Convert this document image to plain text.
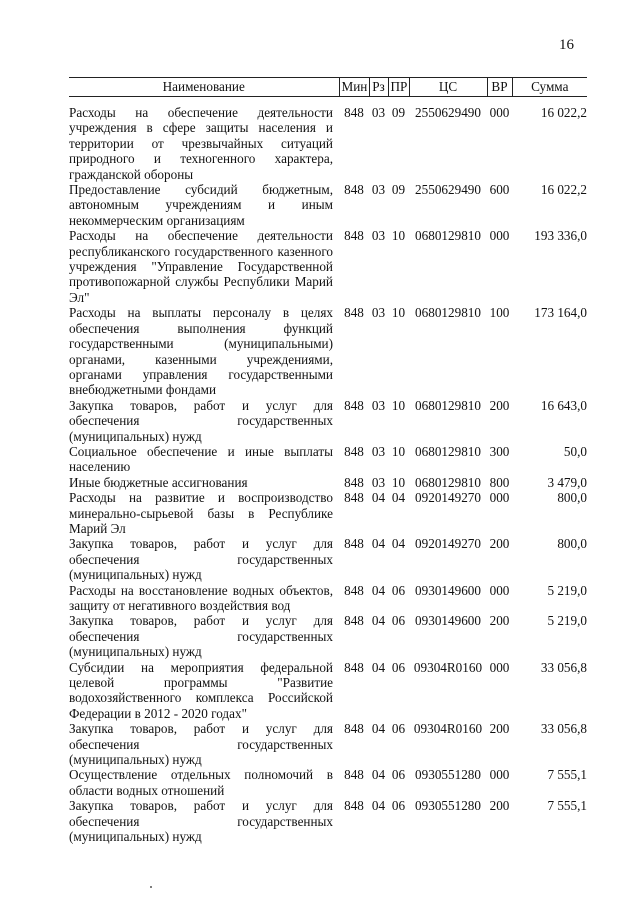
16
Наименование	Мин	Рз	ПР	ЦС	ВР	Сумма
Расходы на обеспечение деятельности учреждения в сфере защиты населения и территории от чрезвычайных ситуаций природного и техногенного характера, гражданской обороны	848	03	09	2550629490	000	16 022,2
Предоставление субсидий бюджетным, автономным учреждениям и иным некоммерческим организациям	848	03	09	2550629490	600	16 022,2
Расходы на обеспечение деятельности республиканского государственного казенного учреждения "Управление Государственной противопожарной службы Республики Марий Эл"	848	03	10	0680129810	000	193 336,0
Расходы на выплаты персоналу в целях обеспечения выполнения функций государственными (муниципальными) органами, казенными учреждениями, органами управления государственными внебюджетными фондами	848	03	10	0680129810	100	173 164,0
Закупка товаров, работ и услуг для обеспечения государственных (муниципальных) нужд	848	03	10	0680129810	200	16 643,0
Социальное обеспечение и иные выплаты населению	848	03	10	0680129810	300	50,0
Иные бюджетные ассигнования	848	03	10	0680129810	800	3 479,0
Расходы на развитие и воспроизводство минерально-сырьевой базы в Республике Марий Эл	848	04	04	0920149270	000	800,0
Закупка товаров, работ и услуг для обеспечения государственных (муниципальных) нужд	848	04	04	0920149270	200	800,0
Расходы на восстановление водных объектов, защиту от негативного воздействия вод	848	04	06	0930149600	000	5 219,0
Закупка товаров, работ и услуг для обеспечения государственных (муниципальных) нужд	848	04	06	0930149600	200	5 219,0
Субсидии на мероприятия федеральной целевой программы "Развитие водохозяйственного комплекса Российской Федерации в 2012 - 2020 годах"	848	04	06	09304R0160	000	33 056,8
Закупка товаров, работ и услуг для обеспечения государственных (муниципальных) нужд	848	04	06	09304R0160	200	33 056,8
Осуществление отдельных полномочий в области водных отношений	848	04	06	0930551280	000	7 555,1
Закупка товаров, работ и услуг для обеспечения государственных (муниципальных) нужд	848	04	06	0930551280	200	7 555,1
